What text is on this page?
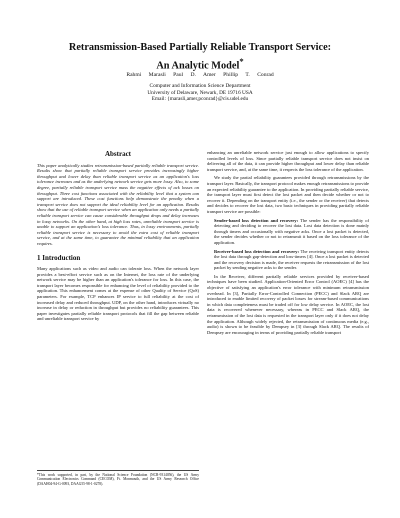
Retransmission-Based Partially Reliable Transport Service:
An Analytic Model*
Rahmi Marasli Paul D. Amer Phillip T. Conrad
Computer and Information Science Department
University of Delaware, Newark, DE 19716 USA
Email: {marasli,amer,pconrad}@cis.udel.edu
Abstract

This paper analytically studies retransmission-based partially reliable transport service. Results show that partially reliable transport service provides increasingly higher throughput and lower delay than reliable transport service as an application's loss tolerance increases and as the underlying network service gets more lossy. Also, to some degree, partially reliable transport service mass the negative effects of ack losses on throughput. Three cost functions associated with the reliability level that a system can support are introduced. These cost functions help demonstrate the penalty when a transport service does not support the ideal reliability level for an application. Results show that the use of reliable transport service when an application only needs a partially reliable transport service can cause considerable throughput drops and delay increases in lossy networks. On the other hand, at high loss rates, unreliable transport service is unable to support an application's loss tolerance. Thus, in lossy environments, partially reliable transport service is necessary to avoid the extra cost of reliable transport service, and at the same time, to guarantee the minimal reliability that an application requires.

1 Introduction

Many applications such as video and audio can tolerate loss. When the network layer provides a best-effort service such as on the Internet, the loss rate of the underlying network service may be higher than an application's tolerance for loss. In this case, the transport layer becomes responsible for enhancing the level of reliability provided to the application. This enhancement comes at the expense of other Quality of Service (QoS) parameters. For example, TCP enhances IP service to full reliability at the cost of increased delay and reduced throughput. UDP, on the other hand, introduces virtually no increase in delay or reduction in throughput but provides no reliability guarantees. This paper investigates partially reliable transport protocols that fill the gap between reliable and unreliable transport service by

*This work supported, in part, by the National Science Foundation (NCR-9314056), the US Army Communication Electronics Command (CECOM), Ft. Monmouth, and the US Army Research Office (DAAH04-94-G-0093, DAAG55-98-1-0278).

enhancing an unreliable network service just enough to allow applications to specify controlled levels of loss. Since partially reliable transport service does not insist on delivering all of the data, it can provide higher throughput and lower delay than reliable transport service, and, at the same time, it respects the loss tolerance of the application.

We study the partial reliability guarantees provided through retransmissions by the transport layer. Basically, the transport protocol makes enough retransmissions to provide an expected reliability guarantee to the application. In providing partially reliable service, the transport layer must first detect the lost packet and then decide whether or not to recover it. Depending on the transport entity (i.e., the sender or the receiver) that detects and decides to recover the lost data, two basic techniques in providing partially reliable transport service are possible:

Sender-based loss detection and recovery: The sender has the responsibility of detecting and deciding to recover the lost data. Lost data detection is done mainly through timers and occasionally with negative acks. Once a lost packet is detected, the sender decides whether or not to retransmit it based on the loss tolerance of the application.
Receiver-based loss detection and recovery: The receiving transport entity detects the lost data through gap-detection and loss-timers [4]. Once a lost packet is detected and the recovery decision is made, the receiver requests the retransmission of the lost packet by sending negative acks to the sender.

In the Receiver, different partially reliable services provided by receiver-based techniques have been studied. Application-Oriented Error Control (AOEC) [4] has the objective of satisfying an application's error tolerance with minimum retransmission overhead. In [3], Partially Error-Controlled Connection (PECC) and Slack ARQ are introduced to enable limited recovery of packet losses for stream-based communications in which data completeness must be traded off for low delay service. In AOEC, the lost data is recovered whenever necessary, whereas in PECC and Slack ARQ, the retransmission of the lost data is requested in the transport layer only if it does not delay the application. Although widely rejected, the retransmission of continuous media (e.g., audio) is shown to be feasible by Dempsey in [3] through Slack ARQ. The results of Dempsey are encouraging in terms of providing partially reliable transport
